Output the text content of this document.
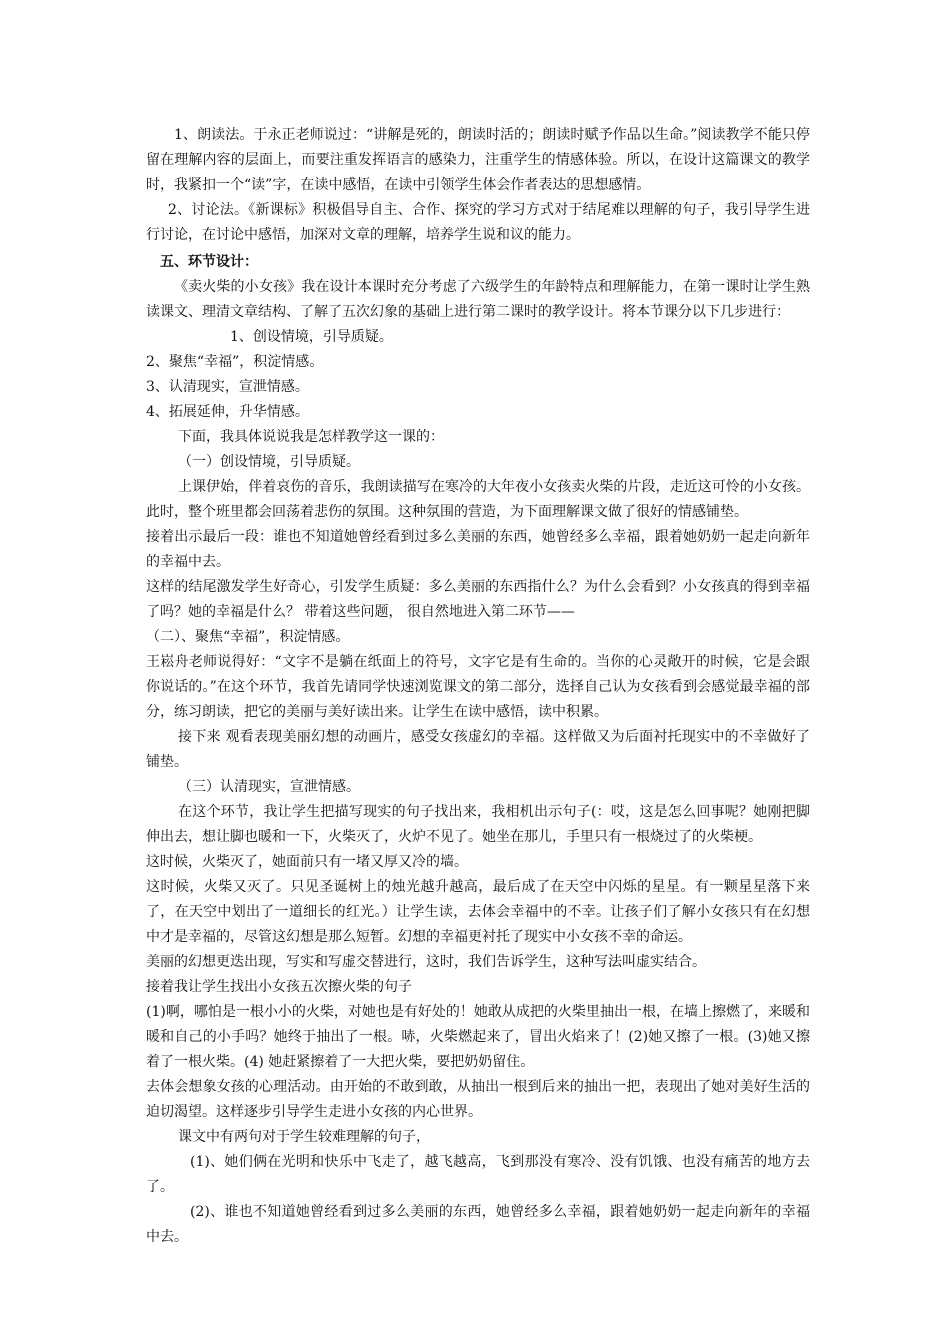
1、朗读法。于永正老师说过：“讲解是死的，朗读时活的；朗读时赋予作品以生命。”阅读教学不能只停留在理解内容的层面上，而要注重发挥语言的感染力，注重学生的情感体验。所以，在设计这篇课文的教学时，我紧扣一个“读”字，在读中感悟，在读中引领学生体会作者表达的思想感情。

2、讨论法。《新课标》积极倡导自主、合作、探究的学习方式对于结尾难以理解的句子，我引导学生进行讨论，在讨论中感悟，加深对文章的理解，培养学生说和议的能力。

五、环节设计：

《卖火柴的小女孩》我在设计本课时充分考虑了六级学生的年龄特点和理解能力，在第一课时让学生熟读课文、理清文章结构、了解了五次幻象的基础上进行第二课时的教学设计。将本节课分以下几步进行：

1、创设情境，引导质疑。

2、聚焦“幸福”，积淀情感。

3、认清现实，宣泄情感。

4、拓展延伸，升华情感。

下面，我具体说说我是怎样教学这一课的：

（一）创设情境，引导质疑。

上课伊始，伴着哀伤的音乐，我朗读描写在寒冷的大年夜小女孩卖火柴的片段，走近这可怜的小女孩。此时，整个班里都会回荡着悲伤的氛围。这种氛围的营造，为下面理解课文做了很好的情感铺垫。

接着出示最后一段：谁也不知道她曾经看到过多么美丽的东西，她曾经多么幸福，跟着她奶奶一起走向新年的幸福中去。

这样的结尾激发学生好奇心，引发学生质疑：多么美丽的东西指什么？为什么会看到？小女孩真的得到幸福了吗？她的幸福是什么？ 带着这些问题， 很自然地进入第二环节——

（二）、聚焦“幸福”，积淀情感。

王崧舟老师说得好：“文字不是躺在纸面上的符号，文字它是有生命的。当你的心灵敞开的时候，它是会跟你说话的。”在这个环节，我首先请同学快速浏览课文的第二部分，选择自己认为女孩看到会感觉最幸福的部分，练习朗读，把它的美丽与美好读出来。让学生在读中感悟，读中积累。

接下来 观看表现美丽幻想的动画片，感受女孩虚幻的幸福。这样做又为后面衬托现实中的不幸做好了铺垫。

（三）认清现实，宣泄情感。

在这个环节，我让学生把描写现实的句子找出来，我相机出示句子(：哎，这是怎么回事呢？她刚把脚伸出去，想让脚也暖和一下，火柴灭了，火炉不见了。她坐在那儿，手里只有一根烧过了的火柴梗。

这时候，火柴灭了，她面前只有一堵又厚又冷的墙。

这时候，火柴又灭了。只见圣诞树上的烛光越升越高，最后成了在天空中闪烁的星星。有一颗星星落下来了，在天空中划出了一道细长的红光。）让学生读，去体会幸福中的不幸。让孩子们了解小女孩只有在幻想中才是幸福的，尽管这幻想是那么短暂。幻想的幸福更衬托了现实中小女孩不幸的命运。

美丽的幻想更迭出现，写实和写虚交替进行，这时，我们告诉学生，这种写法叫虚实结合。

接着我让学生找出小女孩五次擦火柴的句子

(1)啊，哪怕是一根小小的火柴，对她也是有好处的！她敢从成把的火柴里抽出一根，在墙上擦燃了，来暖和暖和自己的小手吗？她终于抽出了一根。哧，火柴燃起来了，冒出火焰来了！(2)她又擦了一根。(3)她又擦着了一根火柴。(4) 她赶紧擦着了一大把火柴，要把奶奶留住。

去体会想象女孩的心理活动。由开始的不敢到敢，从抽出一根到后来的抽出一把，表现出了她对美好生活的迫切渴望。这样逐步引导学生走进小女孩的内心世界。

课文中有两句对于学生较难理解的句子，

(1)、她们俩在光明和快乐中飞走了，越飞越高，飞到那没有寒冷、没有饥饿、也没有痛苦的地方去了。

(2)、谁也不知道她曾经看到过多么美丽的东西，她曾经多么幸福，跟着她奶奶一起走向新年的幸福中去。
